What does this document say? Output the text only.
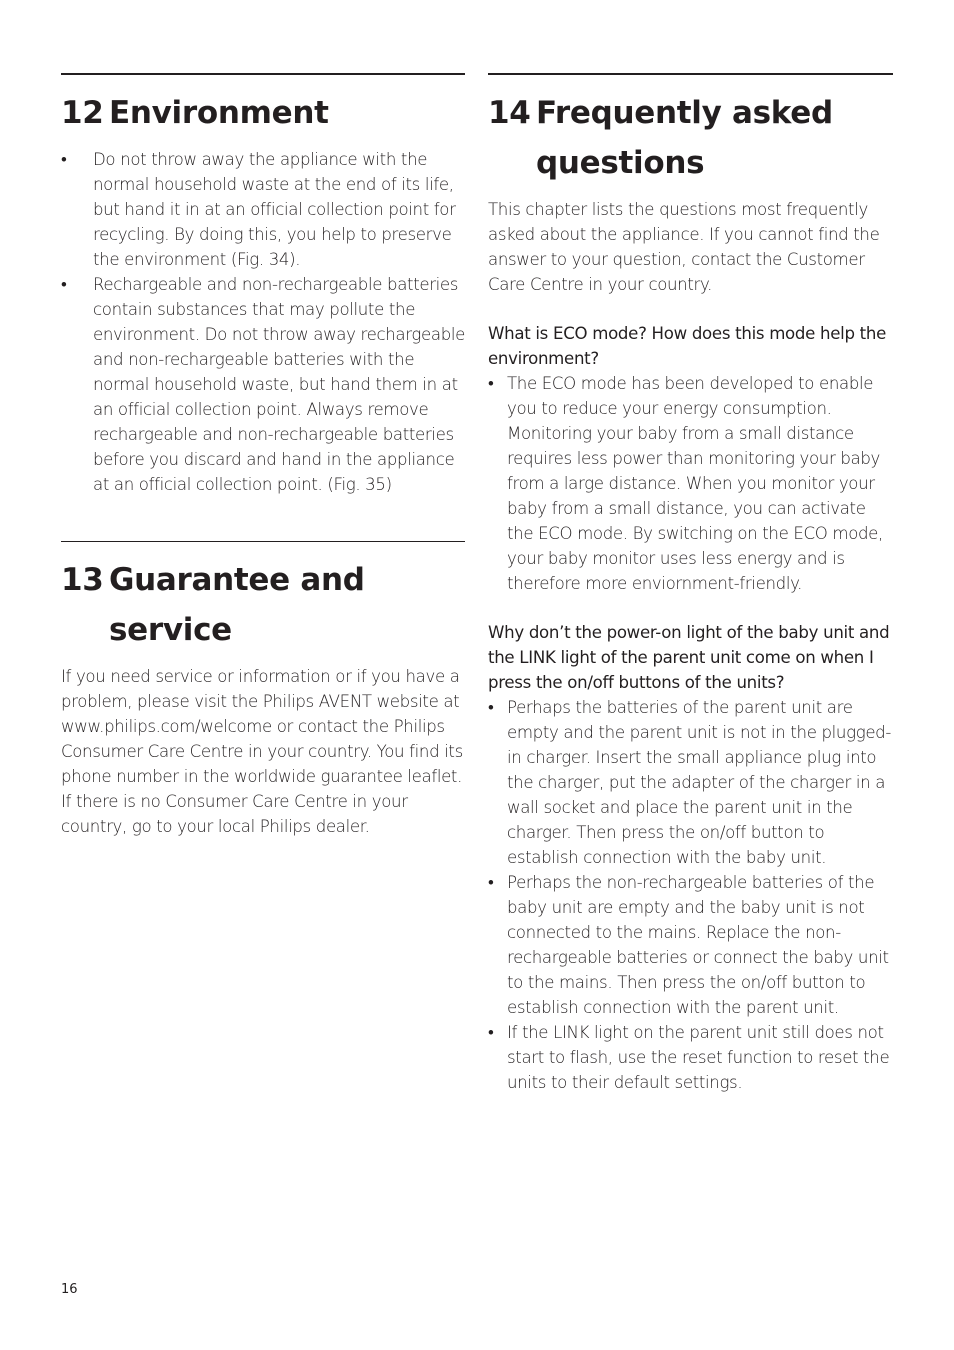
12 Environment
• Do not throw away the appliance with the normal household waste at the end of its life, but hand it in at an official collection point for recycling. By doing this, you help to preserve the environment (Fig. 34).
• Rechargeable and non-rechargeable batteries contain substances that may pollute the environment. Do not throw away rechargeable and non-rechargeable batteries with the normal household waste, but hand them in at an official collection point. Always remove rechargeable and non-rechargeable batteries before you discard and hand in the appliance at an official collection point. (Fig. 35)
13 Guarantee and
service

If you need service or information or if you have a problem, please visit the Philips AVENT website at www.philips.com/welcome or contact the Philips Consumer Care Centre in your country. You find its phone number in the worldwide guarantee leaflet. If there is no Consumer Care Centre in your country, go to your local Philips dealer.

14 Frequently asked
questions

This chapter lists the questions most frequently asked about the appliance. If you cannot find the answer to your question, contact the Customer Care Centre in your country.

What is ECO mode? How does this mode help the environment?

• The ECO mode has been developed to enable you to reduce your energy consumption. Monitoring your baby from a small distance requires less power than monitoring your baby from a large distance. When you monitor your baby from a small distance, you can activate the ECO mode. By switching on the ECO mode, your baby monitor uses less energy and is therefore more enviornment-friendly.

Why don’t the power-on light of the baby unit and the LINK light of the parent unit come on when I press the on/off buttons of the units?

• Perhaps the batteries of the parent unit are empty and the parent unit is not in the plugged-in charger. Insert the small appliance plug into the charger, put the adapter of the charger in a wall socket and place the parent unit in the charger. Then press the on/off button to establish connection with the baby unit.
• Perhaps the non-rechargeable batteries of the baby unit are empty and the baby unit is not connected to the mains. Replace the non-rechargeable batteries or connect the baby unit to the mains. Then press the on/off button to establish connection with the parent unit.
• If the LINK light on the parent unit still does not start to flash, use the reset function to reset the units to their default settings.
16
